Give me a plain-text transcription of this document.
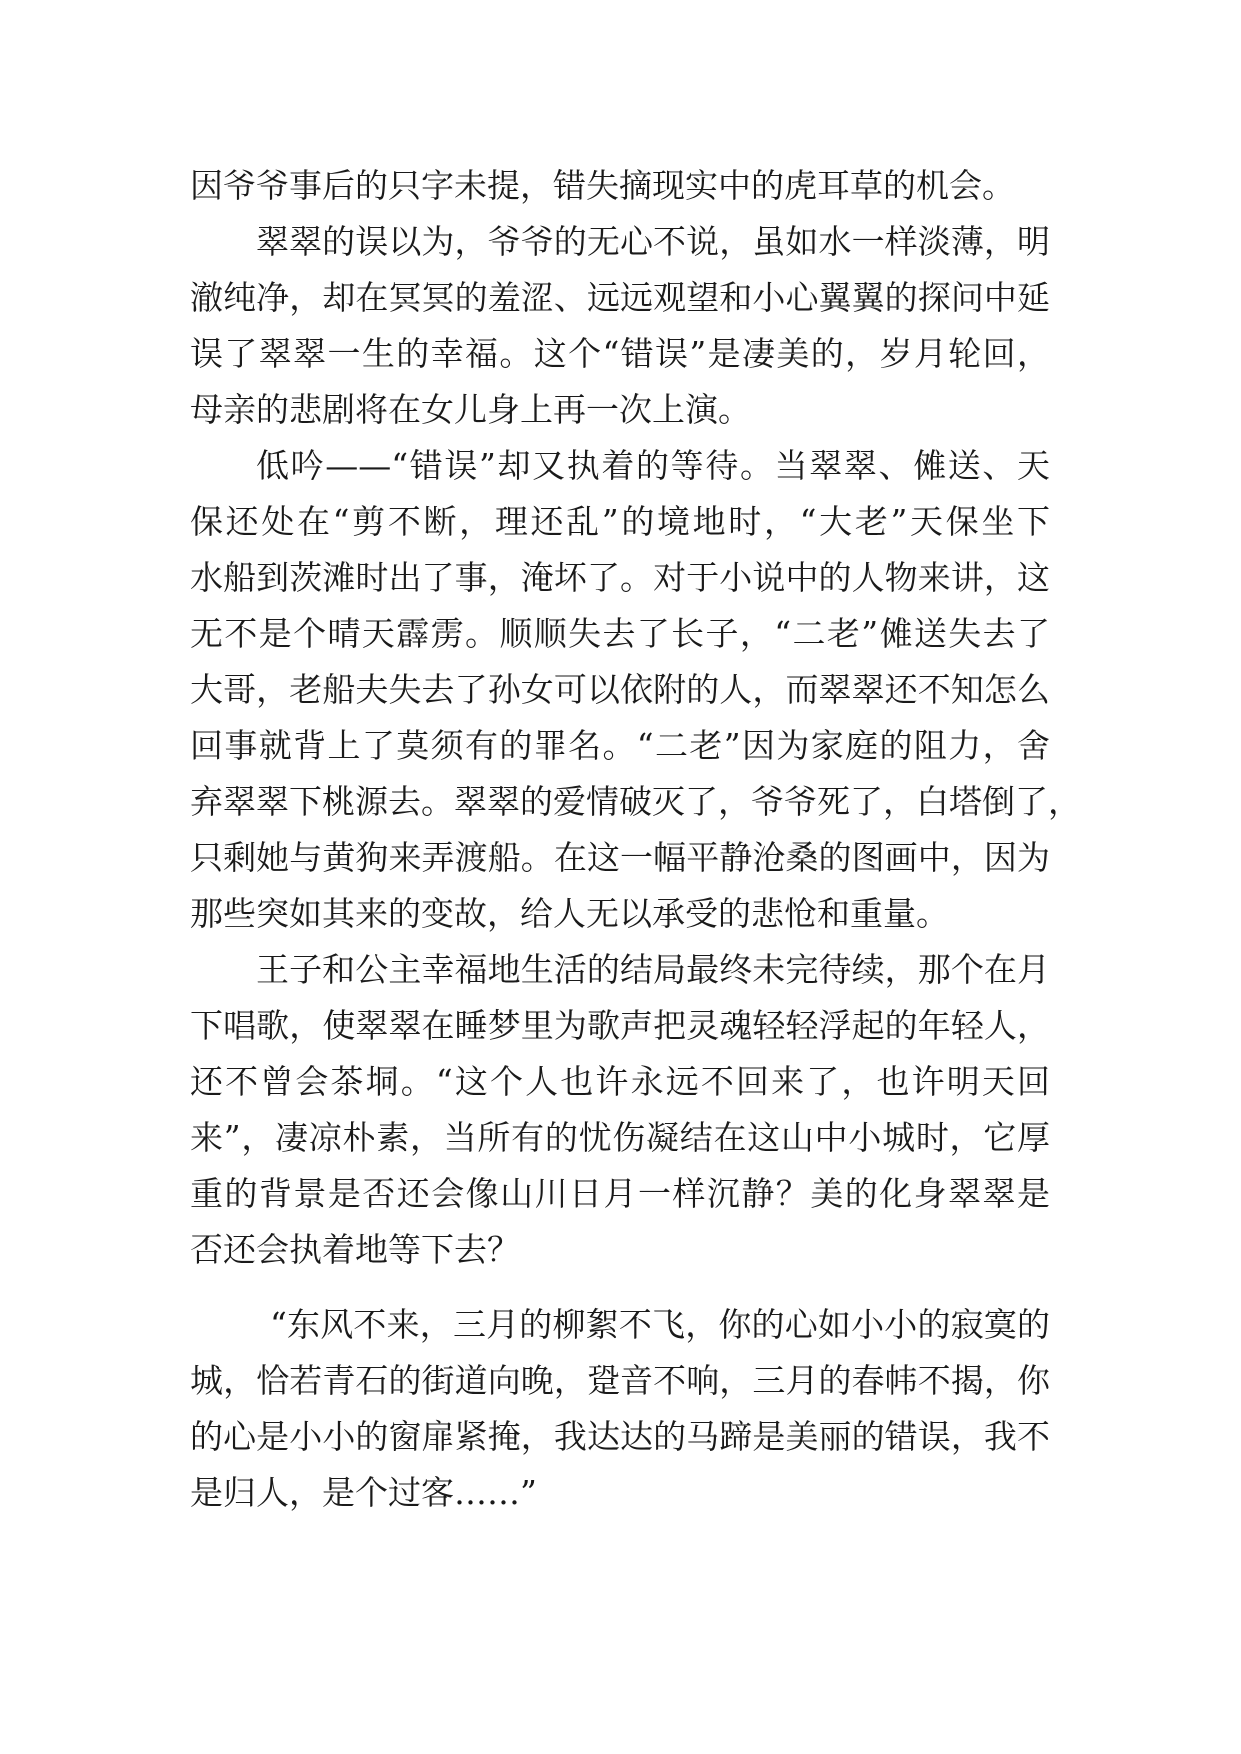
因爷爷事后的只字未提，错失摘现实中的虎耳草的机会。
翠翠的误以为，爷爷的无心不说，虽如水一样淡薄，明
澈纯净，却在冥冥的羞涩、远远观望和小心翼翼的探问中延
误了翠翠一生的幸福。这个“错误”是凄美的，岁月轮回，
母亲的悲剧将在女儿身上再一次上演。
低吟——“错误”却又执着的等待。当翠翠、傩送、天
保还处在“剪不断，理还乱”的境地时，“大老”天保坐下
水船到茨滩时出了事，淹坏了。对于小说中的人物来讲，这
无不是个晴天霹雳。顺顺失去了长子，“二老”傩送失去了
大哥，老船夫失去了孙女可以依附的人，而翠翠还不知怎么
回事就背上了莫须有的罪名。“二老”因为家庭的阻力，舍
弃翠翠下桃源去。翠翠的爱情破灭了，爷爷死了，白塔倒了，
只剩她与黄狗来弄渡船。在这一幅平静沧桑的图画中，因为
那些突如其来的变故，给人无以承受的悲怆和重量。
王子和公主幸福地生活的结局最终未完待续，那个在月
下唱歌，使翠翠在睡梦里为歌声把灵魂轻轻浮起的年轻人，
还不曾会茶垌。“这个人也许永远不回来了，也许明天回
来”，凄凉朴素，当所有的忧伤凝结在这山中小城时，它厚
重的背景是否还会像山川日月一样沉静？美的化身翠翠是
否还会执着地等下去？
“东风不来，三月的柳絮不飞，你的心如小小的寂寞的
城，恰若青石的街道向晚，跫音不响，三月的春帏不揭，你
的心是小小的窗扉紧掩，我达达的马蹄是美丽的错误，我不
是归人，是个过客……”
